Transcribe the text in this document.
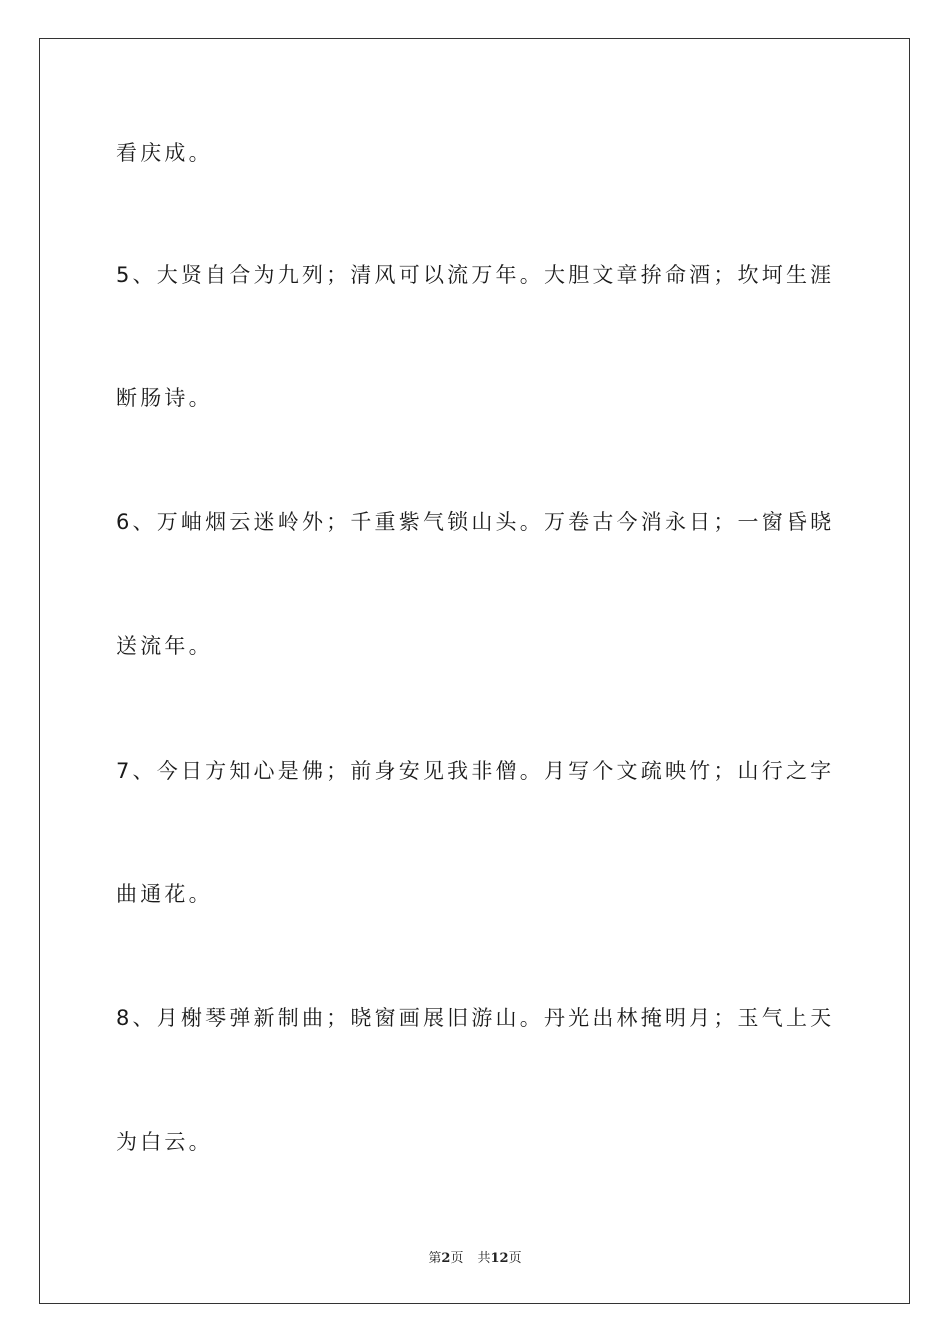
看庆成。
5、大贤自合为九列；清风可以流万年。大胆文章拚命酒；坎坷生涯
断肠诗。
6、万岫烟云迷岭外；千重紫气锁山头。万卷古今消永日；一窗昏晓
送流年。
7、今日方知心是佛；前身安见我非僧。月写个文疏映竹；山行之字
曲通花。
8、月榭琴弹新制曲；晓窗画展旧游山。丹光出林掩明月；玉气上天
为白云。
第2页 共12页
